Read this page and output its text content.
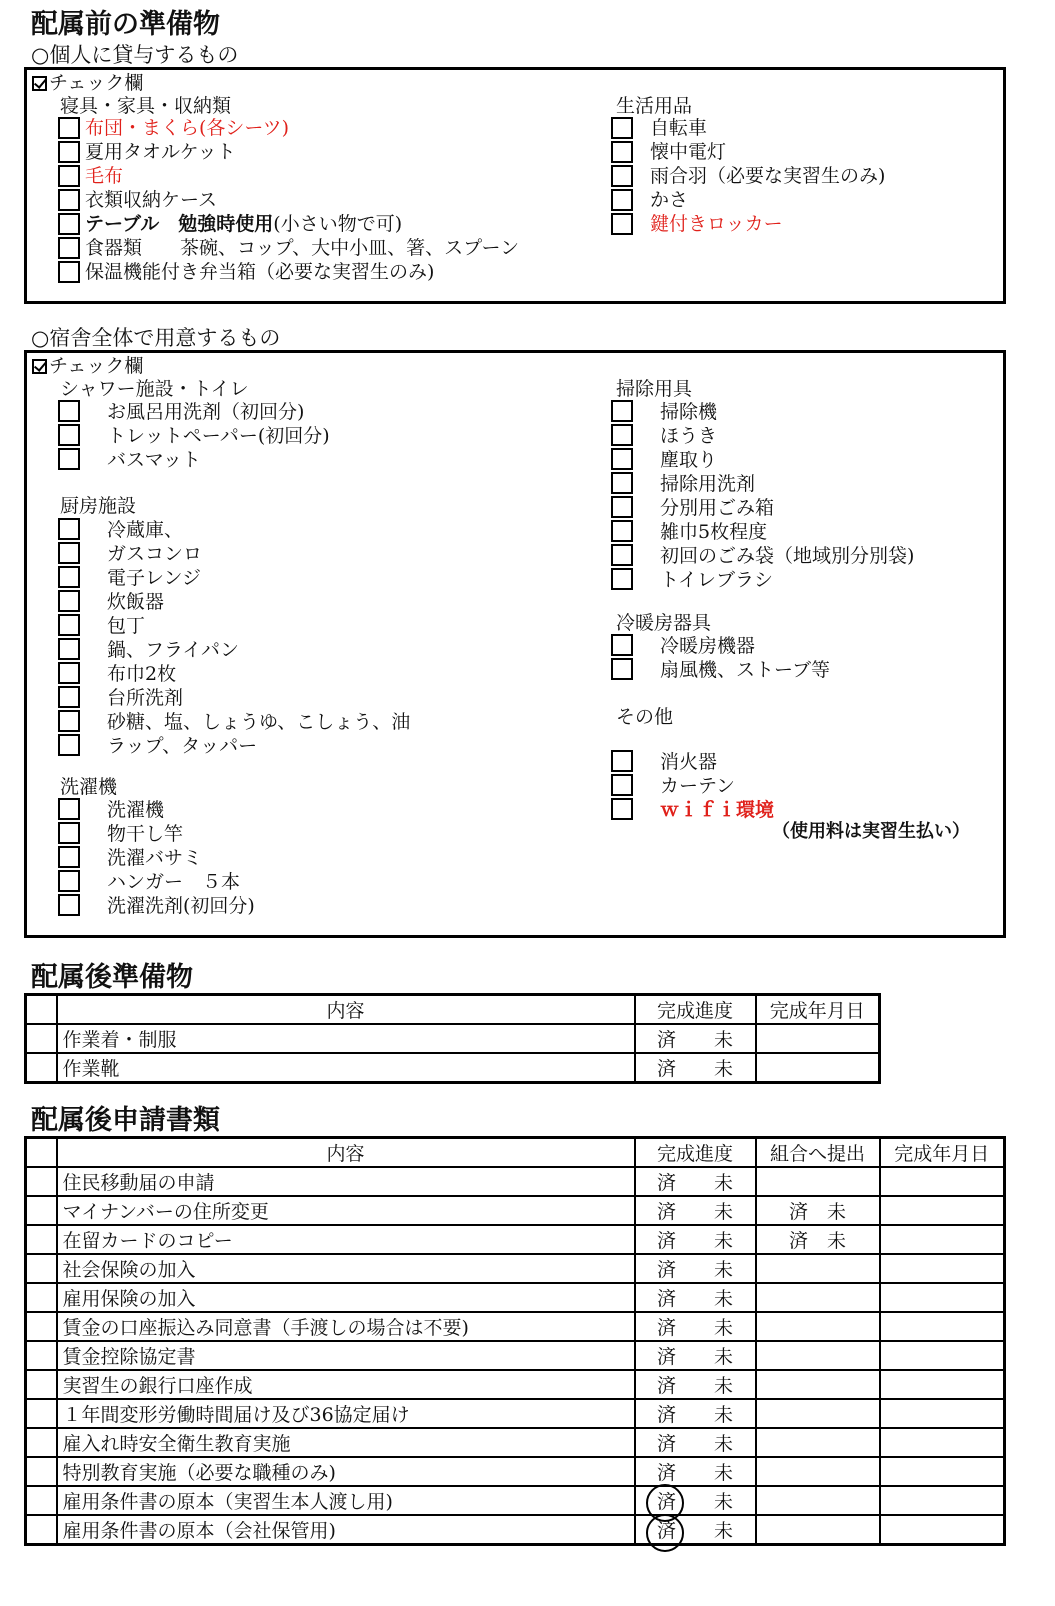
配属前の準備物
○個人に貸与するもの
チェック欄
寝具・家具・収納類
布団・まくら(各シーツ)
夏用タオルケット
毛布
衣類収納ケース
テーブル　勉強時使用(小さい物で可)
食器類　　茶碗、コップ、大中小皿、箸、スプーン
保温機能付き弁当箱（必要な実習生のみ)
生活用品
自転車
懐中電灯
雨合羽（必要な実習生のみ)
かさ
鍵付きロッカー
○宿舎全体で用意するもの
チェック欄
シャワー施設・トイレ
お風呂用洗剤（初回分)
トレットペーパー(初回分)
バスマット
厨房施設
冷蔵庫、
ガスコンロ
電子レンジ
炊飯器
包丁
鍋、フライパン
布巾2枚
台所洗剤
砂糖、塩、しょうゆ、こしょう、油
ラップ、タッパー
洗濯機
洗濯機
物干し竿
洗濯バサミ
ハンガー　５本
洗濯洗剤(初回分)
掃除用具
掃除機
ほうき
塵取り
掃除用洗剤
分別用ごみ箱
雑巾5枚程度
初回のごみ袋（地域別分別袋)
トイレブラシ
冷暖房器具
冷暖房機器
扇風機、ストーブ等
その他
消火器
カーテン
ｗｉｆｉ環境
（使用料は実習生払い）
配属後準備物
	内容	完成進度	完成年月日
	作業着・制服	済　　未	
	作業靴	済　　未	
配属後申請書類
	内容	完成進度	組合へ提出	完成年月日
	住民移動届の申請	済　　未		
	マイナンバーの住所変更	済　　未	済　未	
	在留カードのコピー	済　　未	済　未	
	社会保険の加入	済　　未		
	雇用保険の加入	済　　未		
	賃金の口座振込み同意書（手渡しの場合は不要)	済　　未		
	賃金控除協定書	済　　未		
	実習生の銀行口座作成	済　　未		
	１年間変形労働時間届け及び36協定届け	済　　未		
	雇入れ時安全衛生教育実施	済　　未		
	特別教育実施（必要な職種のみ)	済　　未		
	雇用条件書の原本（実習生本人渡し用)	済　　未		
	雇用条件書の原本（会社保管用)	済　　未		
